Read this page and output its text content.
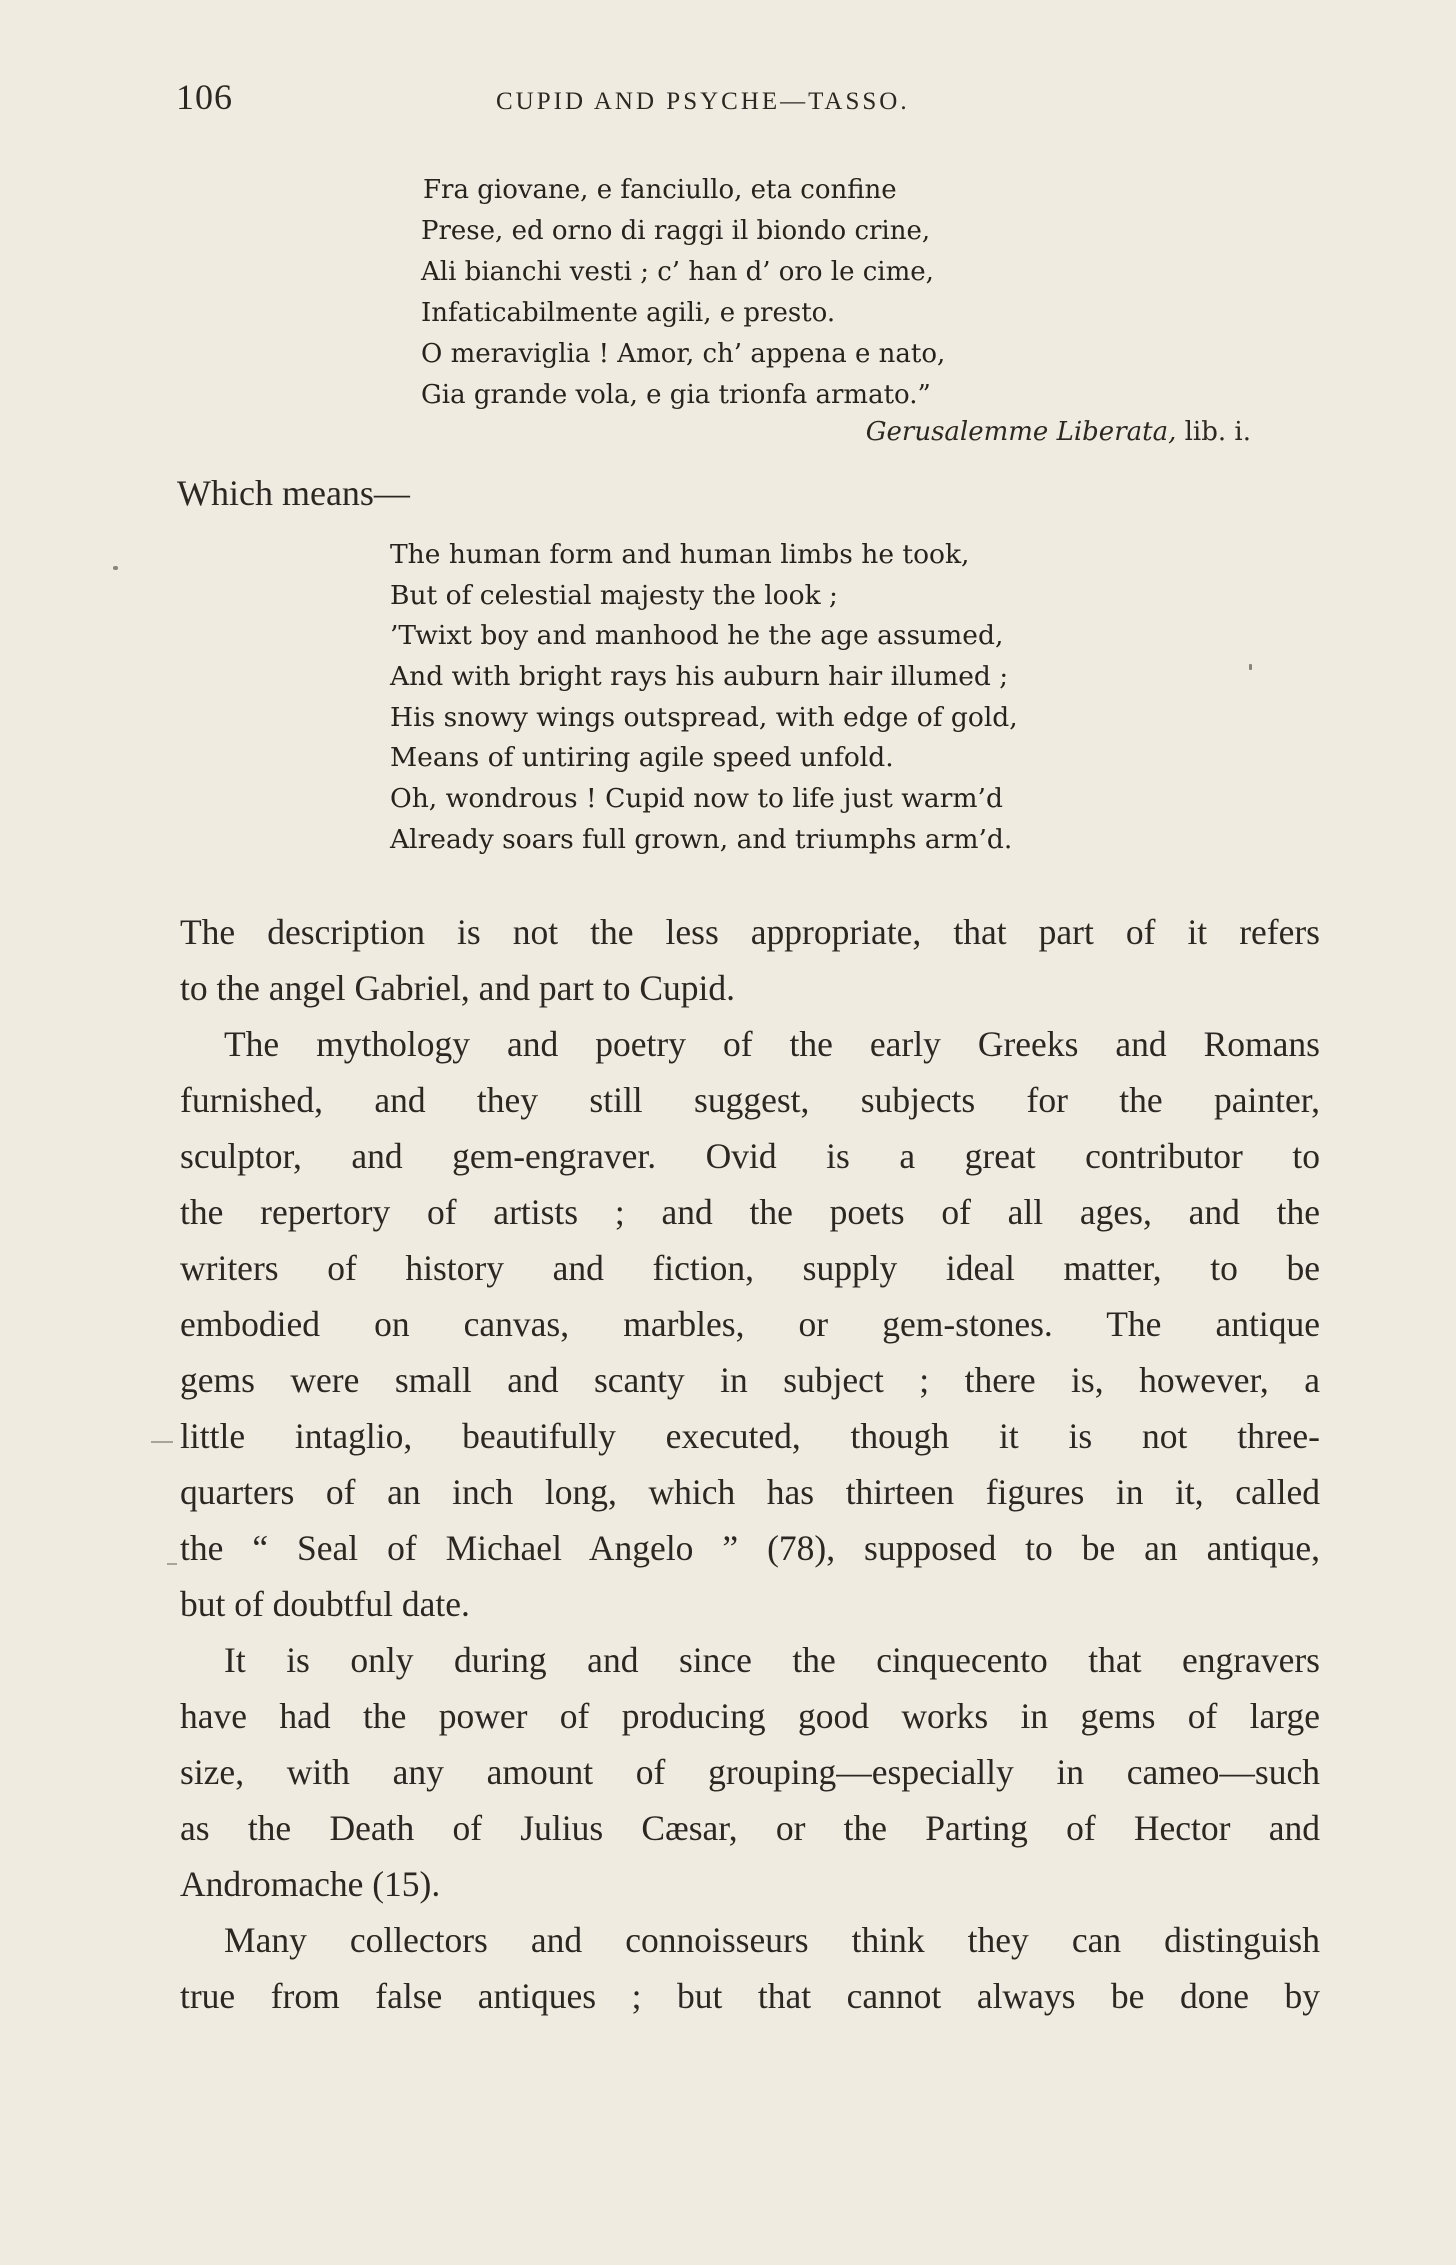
106	CUPID AND PSYCHE—TASSO.
Fra giovane, e fanciullo, eta confine
Prese, ed orno di raggi il biondo crine,
Ali bianchi vesti ; c’ han d’ oro le cime,
Infaticabilmente agili, e presto.
O meraviglia ! Amor, ch’ appena e nato,
Gia grande vola, e gia trionfa armato.”
Gerusalemme Liberata, lib. i.
Which means—
The human form and human limbs he took,
But of celestial majesty the look ;
’Twixt boy and manhood he the age assumed,
And with bright rays his auburn hair illumed ;
His snowy wings outspread, with edge of gold,
Means of untiring agile speed unfold.
Oh, wondrous ! Cupid now to life just warm’d
Already soars full grown, and triumphs arm’d.
The description is not the less appropriate, that part of it refers
to the angel Gabriel, and part to Cupid.
The mythology and poetry of the early Greeks and Romans
furnished, and they still suggest, subjects for the painter,
sculptor, and gem-engraver. Ovid is a great contributor to
the repertory of artists ; and the poets of all ages, and the
writers of history and fiction, supply ideal matter, to be
embodied on canvas, marbles, or gem-stones. The antique
gems were small and scanty in subject ; there is, however, a
little intaglio, beautifully executed, though it is not three-
quarters of an inch long, which has thirteen figures in it, called
the “ Seal of Michael Angelo ” (78), supposed to be an antique,
but of doubtful date.
It is only during and since the cinquecento that engravers
have had the power of producing good works in gems of large
size, with any amount of grouping—especially in cameo—such
as the Death of Julius Cæsar, or the Parting of Hector and
Andromache (15).
Many collectors and connoisseurs think they can distinguish
true from false antiques ; but that cannot always be done by
